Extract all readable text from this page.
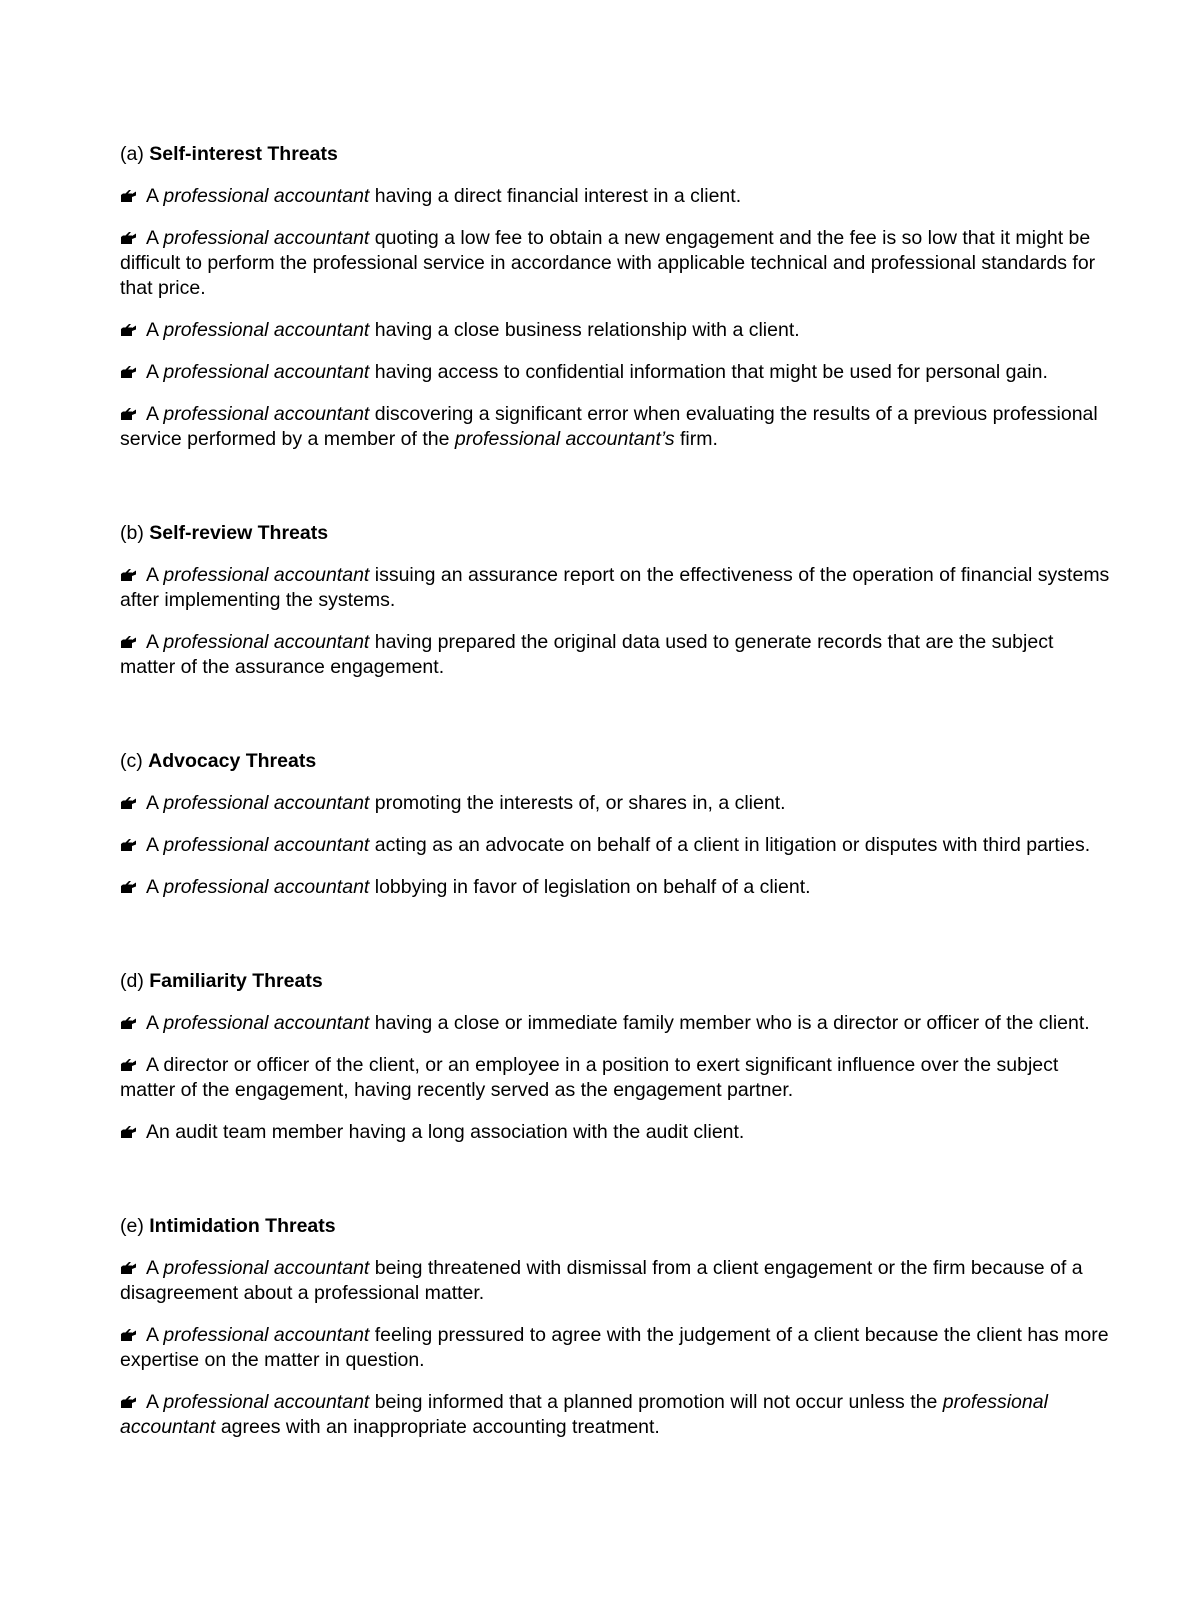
(a) Self-interest Threats
A professional accountant having a direct financial interest in a client.
A professional accountant quoting a low fee to obtain a new engagement and the fee is so low that it might be difficult to perform the professional service in accordance with applicable technical and professional standards for that price.
A professional accountant having a close business relationship with a client.
A professional accountant having access to confidential information that might be used for personal gain.
A professional accountant discovering a significant error when evaluating the results of a previous professional service performed by a member of the professional accountant’s firm.
(b) Self-review Threats
A professional accountant issuing an assurance report on the effectiveness of the operation of financial systems after implementing the systems.
A professional accountant having prepared the original data used to generate records that are the subject matter of the assurance engagement.
(c) Advocacy Threats
A professional accountant promoting the interests of, or shares in, a client.
A professional accountant acting as an advocate on behalf of a client in litigation or disputes with third parties.
A professional accountant lobbying in favor of legislation on behalf of a client.
(d) Familiarity Threats
A professional accountant having a close or immediate family member who is a director or officer of the client.
A director or officer of the client, or an employee in a position to exert significant influence over the subject matter of the engagement, having recently served as the engagement partner.
An audit team member having a long association with the audit client.
(e) Intimidation Threats
A professional accountant being threatened with dismissal from a client engagement or the firm because of a disagreement about a professional matter.
A professional accountant feeling pressured to agree with the judgement of a client because the client has more expertise on the matter in question.
A professional accountant being informed that a planned promotion will not occur unless the professional accountant agrees with an inappropriate accounting treatment.
